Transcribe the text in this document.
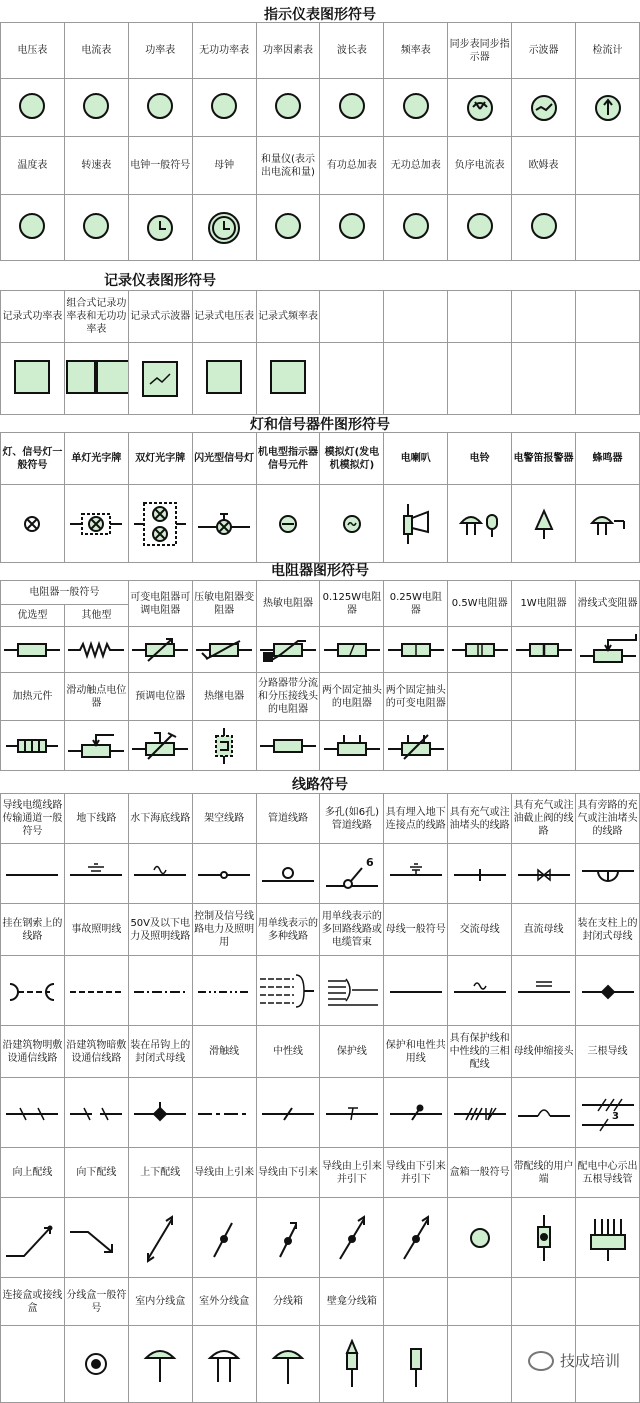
指示仪表图形符号
电压表	电流表	功率表	无功功率表	功率因素表	波长表	频率表	同步表同步指示器	示波器	检流计

温度表	转速表	电钟一般符号	母钟	和量仪(表示出电流和量)	有功总加表	无功总加表	负序电流表	欧姆表	

记录仪表图形符号
记录式功率表	组合式记录功率表和无功功率表	记录式示波器	记录式电压表	记录式频率表					

灯和信号器件图形符号
灯、信号灯一般符号	单灯光字牌	双灯光字牌	闪光型信号灯	机电型指示器信号元件	模拟灯(发电机模拟灯)	电喇叭	电铃	电警笛报警器	蜂鸣器

电阻器图形符号
电阻器一般符号		可变电阻器可调电阻器	压敏电阻器变阻器	热敏电阻器	0.125W电阻器	0.25W电阻器	0.5W电阻器	1W电阻器	滑线式变阻器
优选型	其他型								

加热元件	滑动触点电位器	预调电位器	热继电器	分路器带分流和分压接线头的电阻器	两个固定抽头的电阻器	两个固定抽头的可变电阻器			

线路符号
导线电缆线路传输通道一般符号	地下线路	水下海底线路	架空线路	管道线路	多孔(如6孔)管道线路	具有埋入地下连接点的线路	具有充气或注油堵头的线路	具有充气或注油截止阀的线路	具有旁路的充气或注油堵头的线路

6

挂在钢索上的线路	事故照明线	50V及以下电力及照明线路	控制及信号线路电力及照明用	用单线表示的多种线路	用单线表示的多回路线路或电缆管束	母线一般符号	交流母线	直流母线	装在支柱上的封闭式母线

沿建筑物明敷设通信线路	沿建筑物暗敷设通信线路	装在吊钩上的封闭式母线	滑触线	中性线	保护线	保护和电性共用线	具有保护线和中性线的三相配线	母线伸缩接头	三根导线

3

向上配线	向下配线	上下配线	导线由上引来	导线由下引来	导线由上引来并引下	导线由下引来并引下	盒箱一般符号	带配线的用户端	配电中心示出五根导线管

连接盒或接线盒	分线盒一般符号	室内分线盒	室外分线盒	分线箱	壁龛分线箱				

技成培训
